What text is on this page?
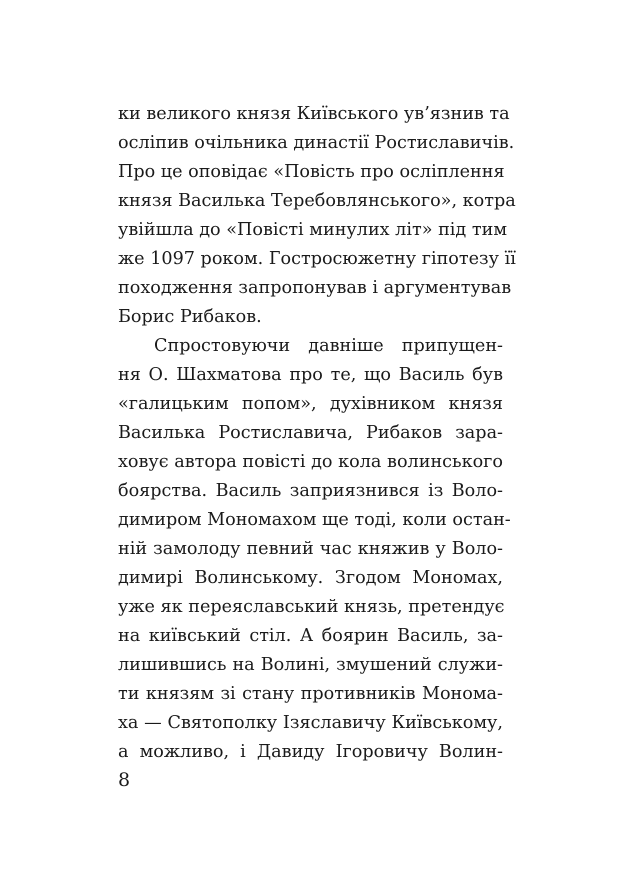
ки великого князя Київського ув’язнив та
осліпив очільника династії Ростиславичів.
Про це оповідає «Повість про осліплення
князя Василька Теребовлянського», котра
увійшла до «Повісті минулих літ» під тим
же 1097 роком. Гостросюжетну гіпотезу її
походження запропонував і аргументував
Борис Рибаков.
Спростовуючи давніше припущен-
ня О. Шахматова про те, що Василь був
«галицьким попом», духівником князя
Василька Ростиславича, Рибаков зара-
ховує автора повісті до кола волинського
боярства. Василь заприязнився із Воло-
димиром Мономахом ще тоді, коли остан-
ній замолоду певний час княжив у Воло-
димирі Волинському. Згодом Мономах,
уже як переяславський князь, претендує
на київський стіл. А боярин Василь, за-
лишившись на Волині, змушений служи-
ти князям зі стану противників Монома-
ха — Святополку Ізяславичу Київському,
а можливо, і Давиду Ігоровичу Волин-
8
